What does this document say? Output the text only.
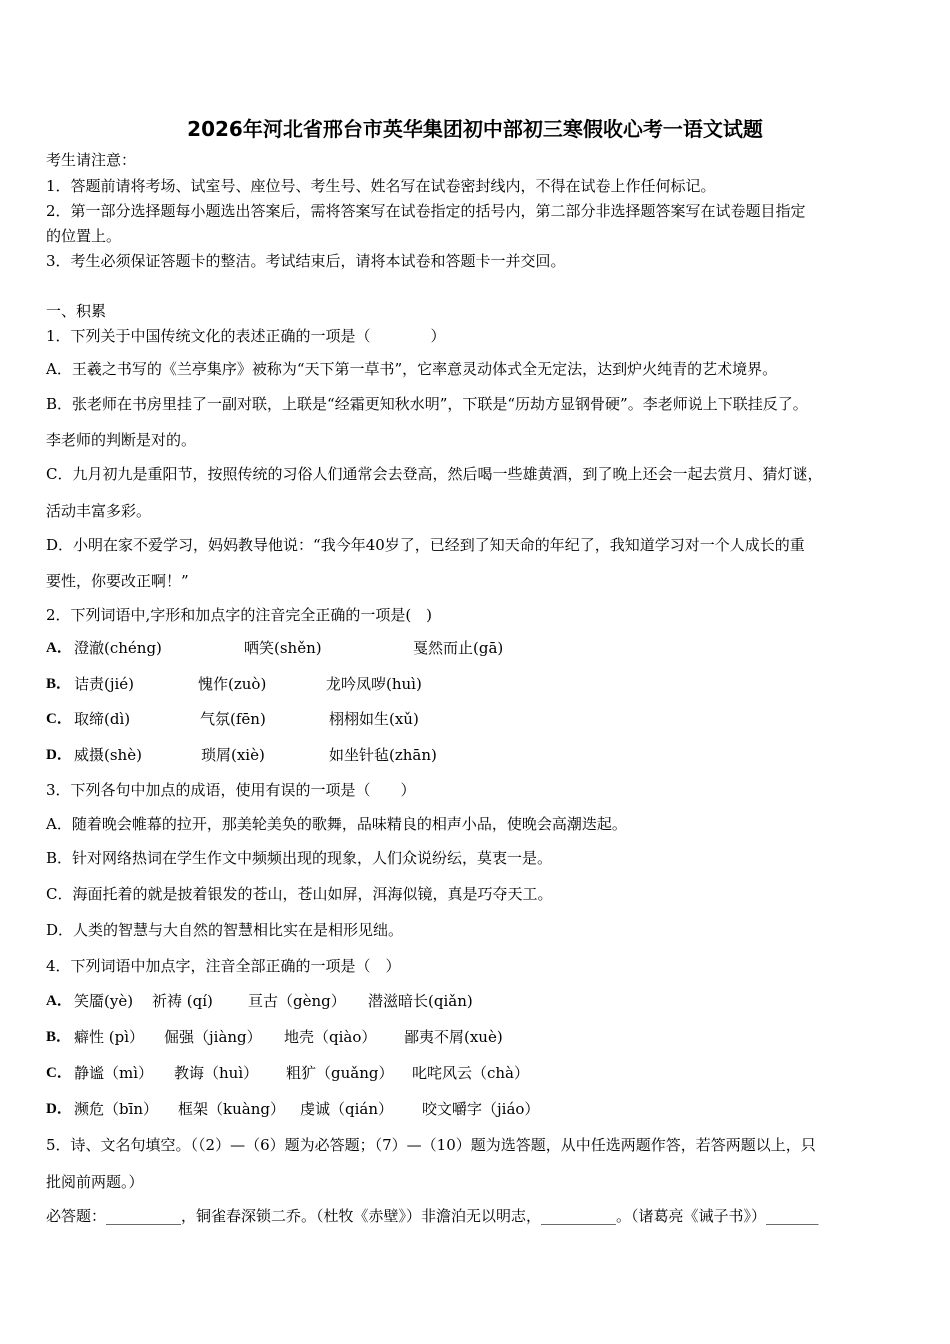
2026年河北省邢台市英华集团初中部初三寒假收心考一语文试题
考生请注意：
1．答题前请将考场、试室号、座位号、考生号、姓名写在试卷密封线内，不得在试卷上作任何标记。
2．第一部分选择题每小题选出答案后，需将答案写在试卷指定的括号内，第二部分非选择题答案写在试卷题目指定
的位置上。
3．考生必须保证答题卡的整洁。考试结束后，请将本试卷和答题卡一并交回。
一、积累
1．下列关于中国传统文化的表述正确的一项是（　　　　）
A．王羲之书写的《兰亭集序》被称为“天下第一草书”，它率意灵动体式全无定法，达到炉火纯青的艺术境界。
B．张老师在书房里挂了一副对联，上联是“经霜更知秋水明”，下联是“历劫方显钢骨硬”。李老师说上下联挂反了。
李老师的判断是对的。
C．九月初九是重阳节，按照传统的习俗人们通常会去登高，然后喝一些雄黄酒，到了晚上还会一起去赏月、猜灯谜，
活动丰富多彩。
D．小明在家不爱学习，妈妈教导他说：“我今年40岁了，已经到了知天命的年纪了，我知道学习对一个人成长的重
要性，你要改正啊！”
2．下列词语中,字形和加点字的注音完全正确的一项是(　)
A． 澄澈(chéng)	哂笑(shěn)	戛然而止(gā)
B． 诘责(jié)	愧作(zuò)	龙吟凤哕(huì)
C． 取缔(dì)	气氛(fēn)	栩栩如生(xǔ)
D． 威摄(shè)	琐屑(xiè)	如坐针毡(zhān)
3．下列各句中加点的成语，使用有误的一项是（　　）
A．随着晚会帷幕的拉开，那美轮美奂的歌舞，品味精良的相声小品，使晚会高潮迭起。
B．针对网络热词在学生作文中频频出现的现象，人们众说纷纭，莫衷一是。
C．海面托着的就是披着银发的苍山，苍山如屏，洱海似镜，真是巧夺天工。
D．人类的智慧与大自然的智慧相比实在是相形见绌。
4．下列词语中加点字，注音全部正确的一项是（　）
A． 笑靥(yè) 祈祷 (qí) 亘古（gèng） 潜滋暗长(qiǎn)
B． 癖性 (pì） 倔强（jiàng） 地壳（qiào） 鄙夷不屑(xuè)
C． 静谧（mì） 教诲（huì） 粗犷（guǎng） 叱咤风云（chà）
D． 濒危（bīn） 框架（kuàng） 虔诚（qián） 咬文嚼字（jiáo）
5．诗、文名句填空。（（2）—（6）题为必答题；（7）—（10）题为选答题，从中任选两题作答，若答两题以上，只
批阅前两题。）
必答题：__________，铜雀春深锁二乔。（杜牧《赤壁》）非澹泊无以明志，__________。（诸葛亮《诫子书》）_______
